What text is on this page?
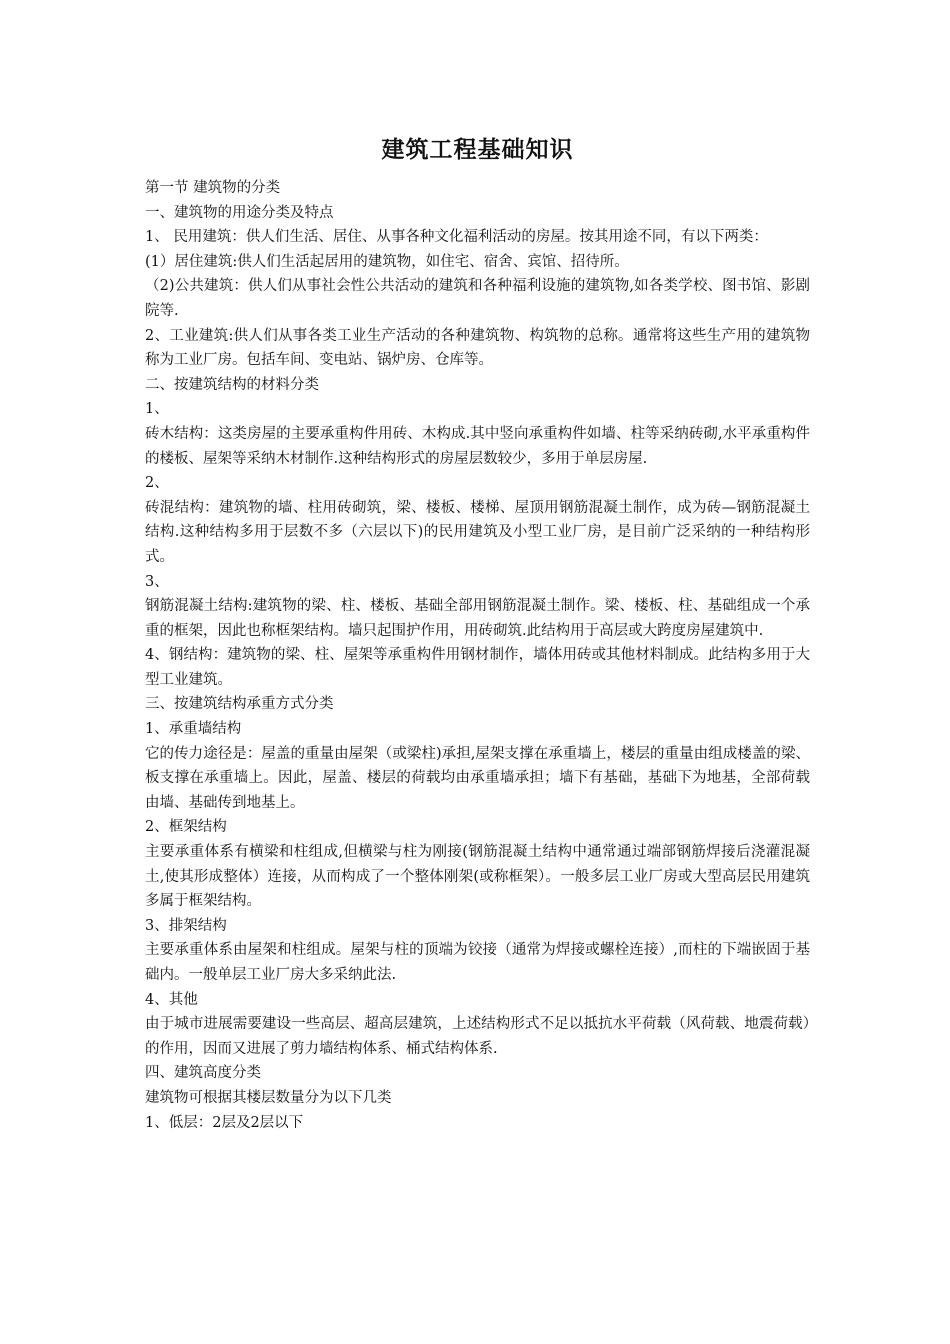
建筑工程基础知识

第一节 建筑物的分类

一、建筑物的用途分类及特点

1、 民用建筑：供人们生活、居住、从事各种文化福利活动的房屋。按其用途不同，有以下两类：

(1）居住建筑:供人们生活起居用的建筑物，如住宅、宿舍、宾馆、招待所。

（2)公共建筑：供人们从事社会性公共活动的建筑和各种福利设施的建筑物,如各类学校、图书馆、影剧院等.

2、工业建筑:供人们从事各类工业生产活动的各种建筑物、构筑物的总称。通常将这些生产用的建筑物称为工业厂房。包括车间、变电站、锅炉房、仓库等。

二、按建筑结构的材料分类

1、

砖木结构：这类房屋的主要承重构件用砖、木构成.其中竖向承重构件如墙、柱等采纳砖砌,水平承重构件的楼板、屋架等采纳木材制作.这种结构形式的房屋层数较少，多用于单层房屋.

2、

砖混结构：建筑物的墙、柱用砖砌筑，梁、楼板、楼梯、屋顶用钢筋混凝土制作，成为砖—钢筋混凝土结构.这种结构多用于层数不多（六层以下)的民用建筑及小型工业厂房，是目前广泛采纳的一种结构形式。

3、

钢筋混凝土结构:建筑物的梁、柱、楼板、基础全部用钢筋混凝土制作。梁、楼板、柱、基础组成一个承重的框架，因此也称框架结构。墙只起围护作用，用砖砌筑.此结构用于高层或大跨度房屋建筑中.

4、钢结构：建筑物的梁、柱、屋架等承重构件用钢材制作，墙体用砖或其他材料制成。此结构多用于大型工业建筑。

三、按建筑结构承重方式分类

1、承重墙结构

它的传力途径是：屋盖的重量由屋架（或梁柱)承担,屋架支撑在承重墙上，楼层的重量由组成楼盖的梁、板支撑在承重墙上。因此，屋盖、楼层的荷载均由承重墙承担；墙下有基础，基础下为地基，全部荷载由墙、基础传到地基上。

2、框架结构

主要承重体系有横梁和柱组成,但横梁与柱为刚接(钢筋混凝土结构中通常通过端部钢筋焊接后浇灌混凝土,使其形成整体）连接，从而构成了一个整体刚架(或称框架）。一般多层工业厂房或大型高层民用建筑多属于框架结构。

3、排架结构

主要承重体系由屋架和柱组成。屋架与柱的顶端为铰接（通常为焊接或螺栓连接）,而柱的下端嵌固于基础内。一般单层工业厂房大多采纳此法.

4、其他

由于城市进展需要建设一些高层、超高层建筑，上述结构形式不足以抵抗水平荷载（风荷载、地震荷载）的作用，因而又进展了剪力墙结构体系、桶式结构体系.

四、建筑高度分类

建筑物可根据其楼层数量分为以下几类

1、低层：2层及2层以下
